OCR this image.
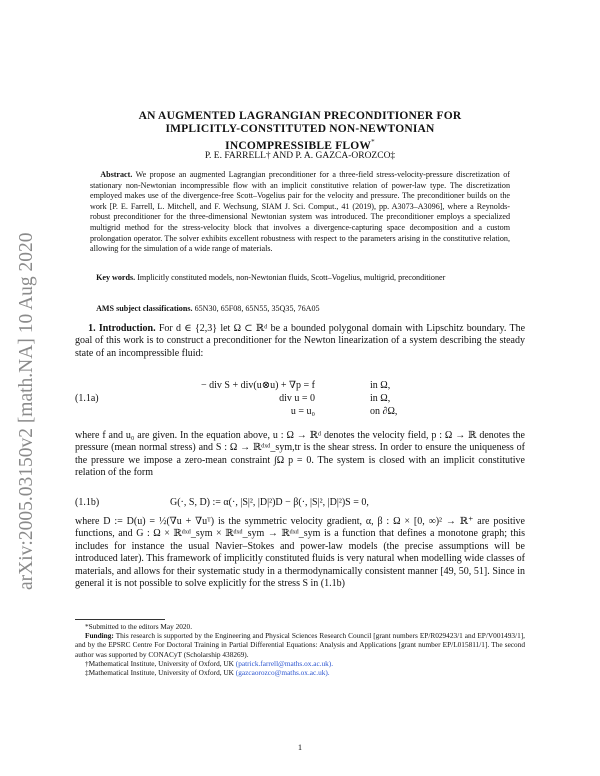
arXiv:2005.03150v2 [math.NA] 10 Aug 2020
AN AUGMENTED LAGRANGIAN PRECONDITIONER FOR
IMPLICITLY-CONSTITUTED NON-NEWTONIAN
INCOMPRESSIBLE FLOW*
P. E. FARRELL† AND P. A. GAZCA-OROZCO‡
Abstract. We propose an augmented Lagrangian preconditioner for a three-field stress-velocity-pressure discretization of stationary non-Newtonian incompressible flow with an implicit constitutive relation of power-law type. The discretization employed makes use of the divergence-free Scott–Vogelius pair for the velocity and pressure. The preconditioner builds on the work [P. E. Farrell, L. Mitchell, and F. Wechsung, SIAM J. Sci. Comput., 41 (2019), pp. A3073–A3096], where a Reynolds-robust preconditioner for the three-dimensional Newtonian system was introduced. The preconditioner employs a specialized multigrid method for the stress-velocity block that involves a divergence-capturing space decomposition and a custom prolongation operator. The solver exhibits excellent robustness with respect to the parameters arising in the constitutive relation, allowing for the simulation of a wide range of materials.
Key words. Implicitly constituted models, non-Newtonian fluids, Scott–Vogelius, multigrid, preconditioner
AMS subject classifications. 65N30, 65F08, 65N55, 35Q35, 76A05
1. Introduction. For d ∈ {2,3} let Ω ⊂ ℝᵈ be a bounded polygonal domain with Lipschitz boundary. The goal of this work is to construct a preconditioner for the Newton linearization of a system describing the steady state of an incompressible fluid:
(1.1a)
− div S + div(u⊗u) + ∇p = f
div u = 0
u = u₀
in Ω,
in Ω,
on ∂Ω,
where f and u₀ are given. In the equation above, u : Ω → ℝᵈ denotes the velocity field, p : Ω → ℝ denotes the pressure (mean normal stress) and S : Ω → ℝᵈˣᵈ_sym,tr is the shear stress. In order to ensure the uniqueness of the pressure we impose a zero-mean constraint ∫Ω p = 0. The system is closed with an implicit constitutive relation of the form
(1.1b)	G(·, S, D) := α(·, |S|², |D|²)D − β(·, |S|², |D|²)S = 0,
where D := D(u) = ½(∇u + ∇uᵀ) is the symmetric velocity gradient, α, β : Ω × [0, ∞)² → ℝ⁺ are positive functions, and G : Ω × ℝᵈˣᵈ_sym × ℝᵈˣᵈ_sym → ℝᵈˣᵈ_sym is a function that defines a monotone graph; this includes for instance the usual Navier–Stokes and power-law models (the precise assumptions will be introduced later). This framework of implicitly constituted fluids is very natural when modelling wide classes of materials, and allows for their systematic study in a thermodynamically consistent manner [49, 50, 51]. Since in general it is not possible to solve explicitly for the stress S in (1.1b)
*Submitted to the editors May 2020.
Funding: This research is supported by the Engineering and Physical Sciences Research Council [grant numbers EP/R029423/1 and EP/V001493/1], and by the EPSRC Centre For Doctoral Training in Partial Differential Equations: Analysis and Applications [grant number EP/L015811/1]. The second author was supported by CONACyT (Scholarship 438269).
†Mathematical Institute, University of Oxford, UK (patrick.farrell@maths.ox.ac.uk).
‡Mathematical Institute, University of Oxford, UK (gazcaorozco@maths.ox.ac.uk).
1
